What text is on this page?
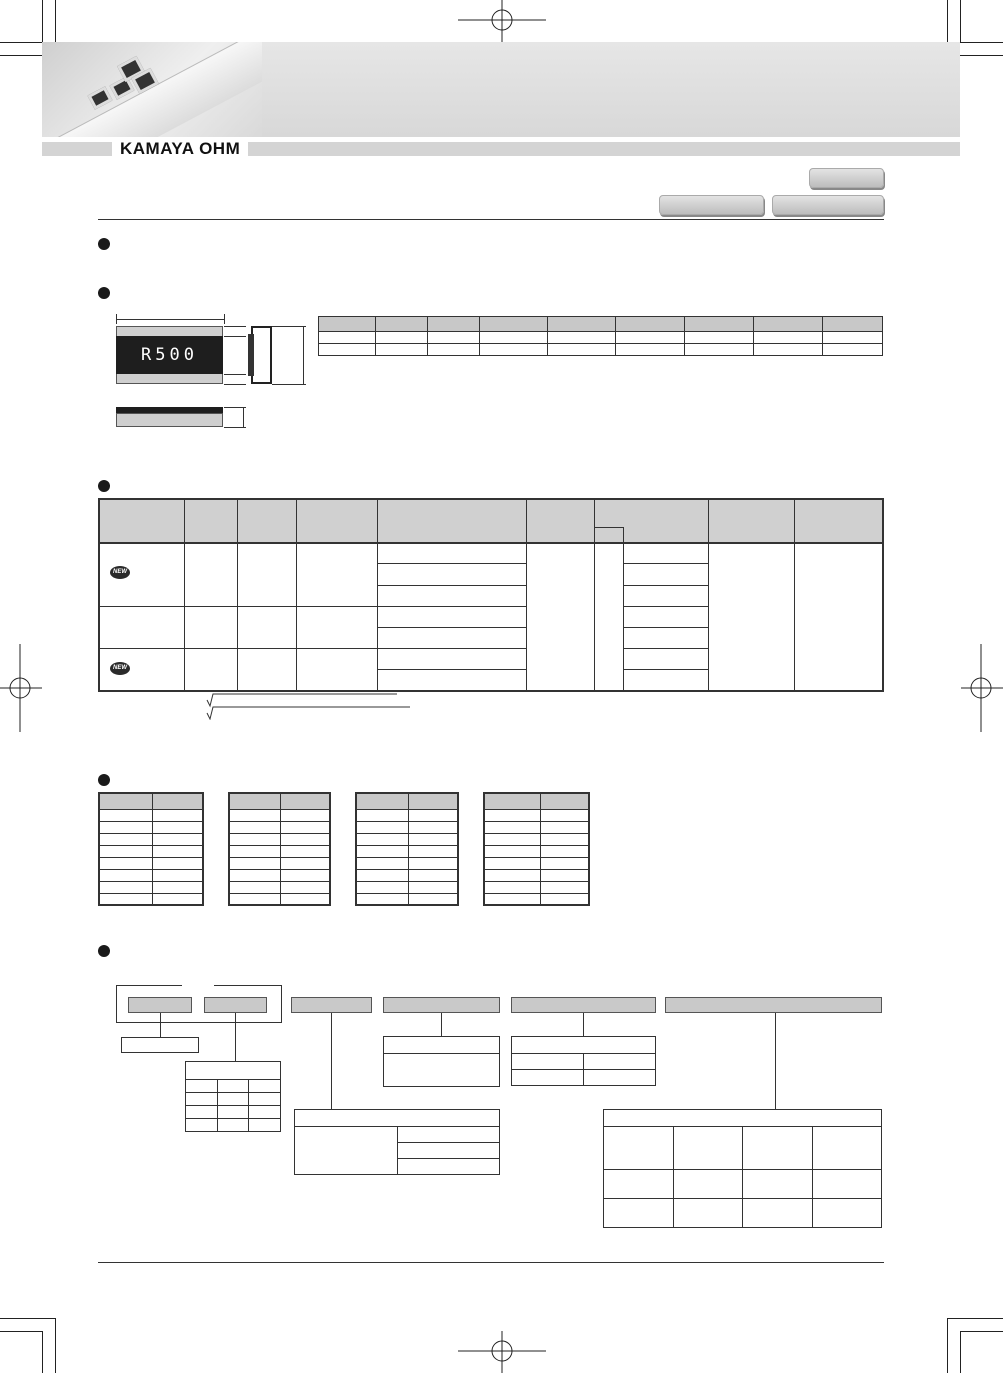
KAMAYA OHM
R500

NEW
NEW
